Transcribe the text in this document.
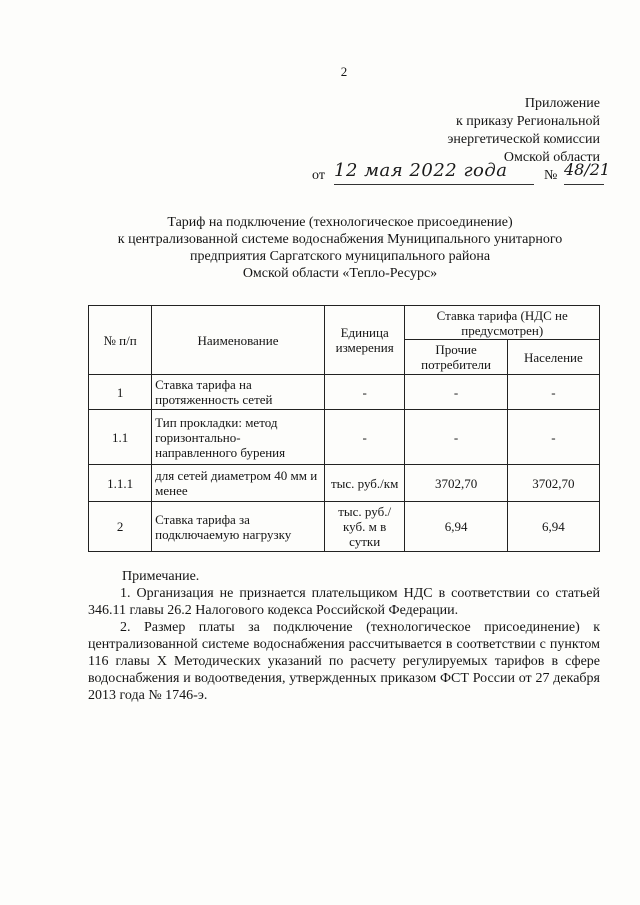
2
Приложение
к приказу Региональной
энергетической комиссии
Омской области
от 12 мая 2022 года	№ 48/21
Тариф на подключение (технологическое присоединение)
к централизованной системе водоснабжения Муниципального унитарного
предприятия Саргатского муниципального района
Омской области «Тепло-Ресурс»
№ п/п	Наименование	Единица измерения	Ставка тарифа (НДС не предусмотрен)	
			Прочие потребители	Население
1	Ставка тарифа на протяженность сетей	-	-	-
1.1	Тип прокладки: метод горизонтально-направленного бурения	-	-	-
1.1.1	для сетей диаметром 40 мм и менее	тыс. руб./км	3702,70	3702,70
2	Ставка тарифа за подключаемую нагрузку	тыс. руб./куб. м в сутки	6,94	6,94
Примечание.

1. Организация не признается плательщиком НДС в соответствии со статьей 346.11 главы 26.2 Налогового кодекса Российской Федерации.

2. Размер платы за подключение (технологическое присоединение) к централизованной системе водоснабжения рассчитывается в соответствии с пунктом 116 главы X Методических указаний по расчету регулируемых тарифов в сфере водоснабжения и водоотведения, утвержденных приказом ФСТ России от 27 декабря 2013 года № 1746-э.
